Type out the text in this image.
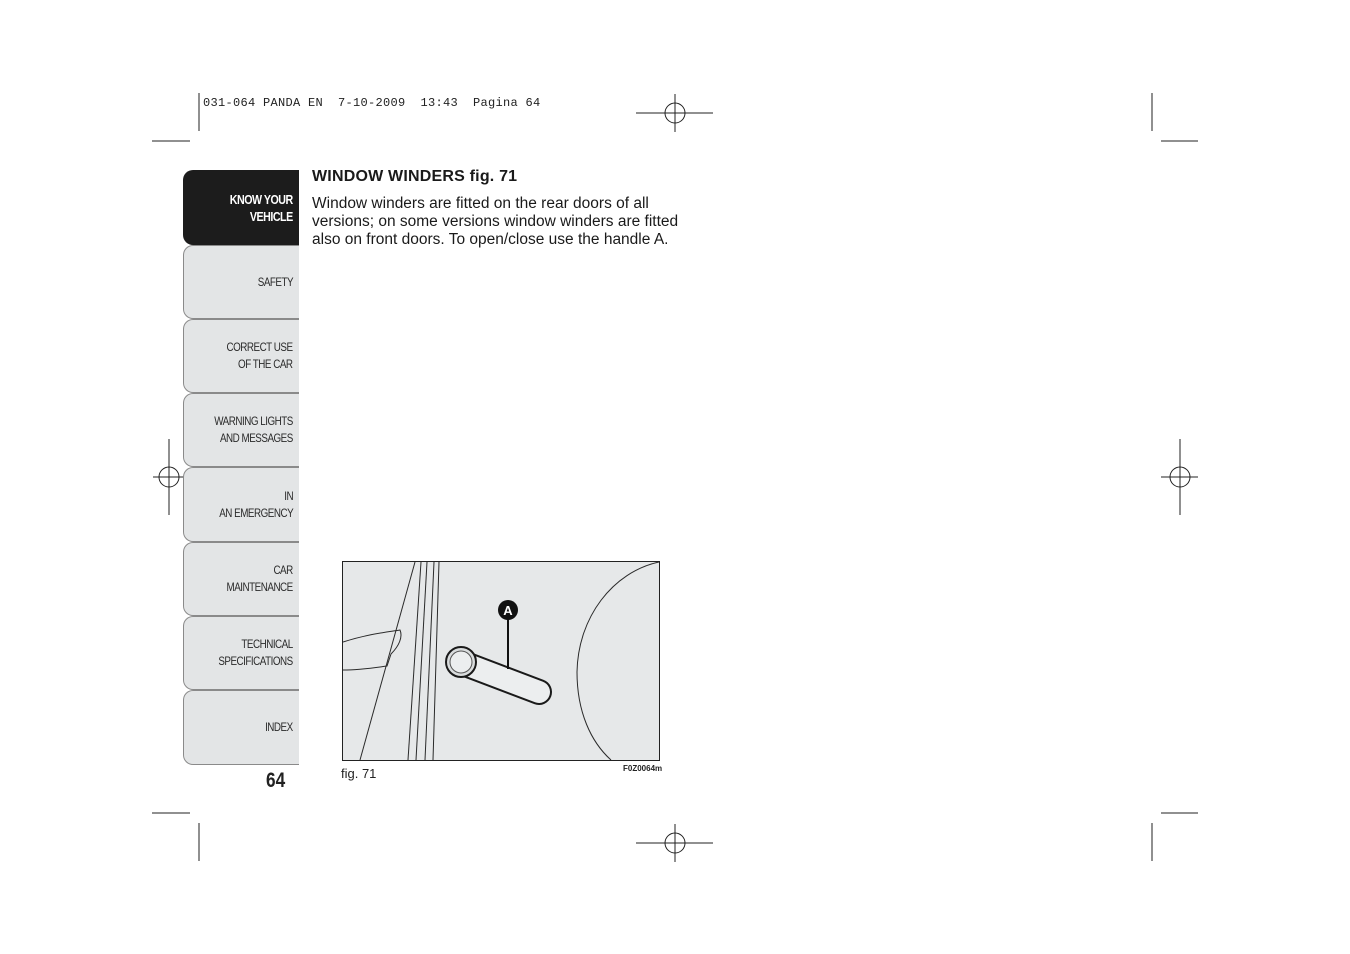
031-064 PANDA EN  7-10-2009  13:43  Pagina 64
KNOW YOUR
VEHICLE
SAFETY
CORRECT USE
OF THE CAR
WARNING LIGHTS
AND MESSAGES
IN
AN EMERGENCY
CAR
MAINTENANCE
TECHNICAL
SPECIFICATIONS
INDEX
64
WINDOW WINDERS fig. 71

Window winders are fitted on the rear doors of all versions; on some versions window winders are fitted also on front doors. To open/close use the handle A.

A
fig. 71	F0Z0064m
